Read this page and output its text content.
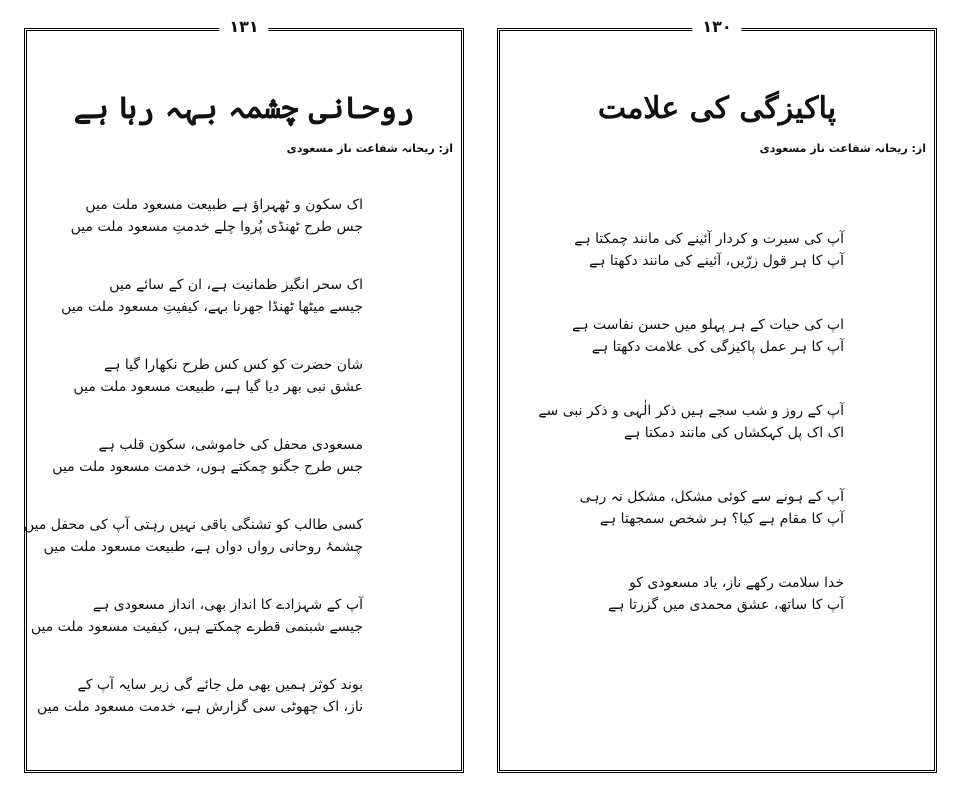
۱۳۱
روحانی چشمہ بہہ رہا ہے
از: ریحانہ شفاعت ناز مسعودی
اک سکون و ٹھہراؤ ہے طبیعت مسعود ملت میں
جس طرح ٹھنڈی پُروا چلے خدمتِ مسعود ملت میں
اک سحر انگیز طمانیت ہے، ان کے سائے میں
جیسے میٹھا ٹھنڈا جھرنا بہے، کیفیتِ مسعود ملت میں
شان حضرت کو کس کس طرح نکھارا گیا ہے
عشق نبی بھر دیا گیا ہے، طبیعت مسعود ملت میں
مسعودی محفل کی خاموشی، سکون قلب ہے
جس طرح جگنو چمکتے ہوں، خدمت مسعود ملت میں
کسی طالب کو تشنگی باقی نہیں رہتی آپ کی محفل میں
چشمۂ روحانی رواں دواں ہے، طبیعت مسعود ملت میں
آپ کے شہزادے کا انداز بھی، انداز مسعودی ہے
جیسے شبنمی قطرے چمکتے ہیں، کیفیت مسعود ملت میں
بوند کوثر ہمیں بھی مل جائے گی زیر سایہ آپ کے
ناز، اک چھوٹی سی گزارش ہے، خدمت مسعود ملت میں
۱۳۰
پاکیزگی کی علامت
از: ریحانہ شفاعت ناز مسعودی
آپ کی سیرت و کردار آئینے کی مانند چمکتا ہے
آپ کا ہر قول زرّیں، آئینے کی مانند دکھتا ہے
اپ کی حیات کے ہر پہلو میں حسن نفاست ہے
آپ کا ہر عمل پاکیزگی کی علامت دکھتا ہے
آپ کے روز و شب سجے ہیں ذکر الٰہی و ذکر نبی سے
اک اک پل کہکشاں کی مانند دمکتا ہے
آپ کے ہونے سے کوئی مشکل، مشکل نہ رہی
آپ کا مقام ہے کیا؟ ہر شخص سمجھتا ہے
خدا سلامت رکھے ناز، یاد مسعودی کو
آپ کا ساتھ، عشق محمدی میں گزرتا ہے
